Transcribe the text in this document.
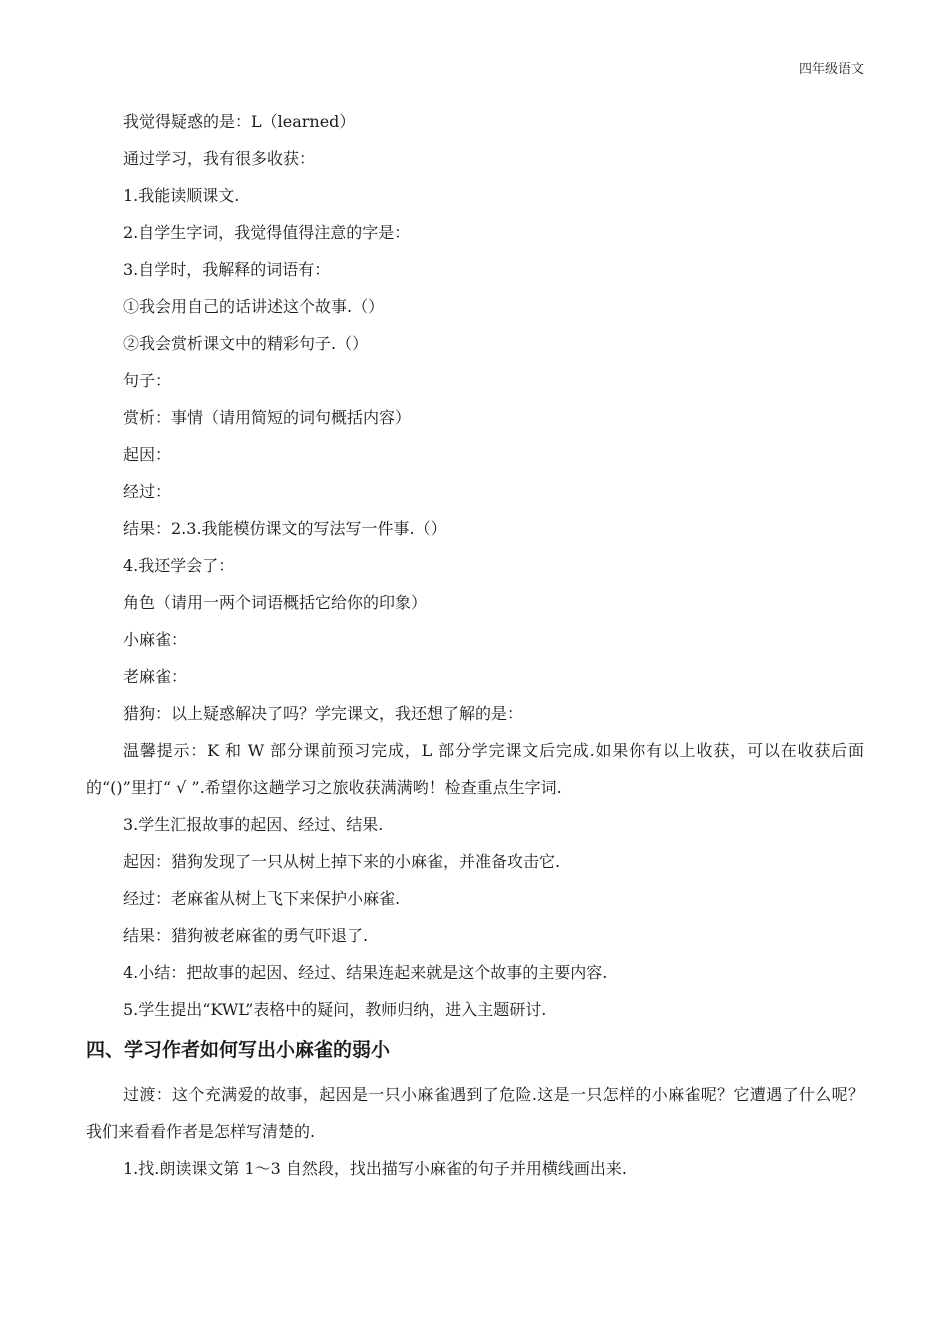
四年级语文

我觉得疑惑的是：L（learned）

通过学习，我有很多收获：

1.我能读顺课文.

2.自学生字词，我觉得值得注意的字是：

3.自学时，我解释的词语有：

①我会用自己的话讲述这个故事.（）

②我会赏析课文中的精彩句子.（）

句子：

赏析：事情（请用简短的词句概括内容）

起因：

经过：

结果：2.3.我能模仿课文的写法写一件事.（）

4.我还学会了：

角色（请用一两个词语概括它给你的印象）

小麻雀：

老麻雀：

猎狗：以上疑惑解决了吗？学完课文，我还想了解的是：

温馨提示：K 和 W 部分课前预习完成，L 部分学完课文后完成.如果你有以上收获，可以在收获后面的“()”里打“ √ ”.希望你这趟学习之旅收获满满哟！检查重点生字词.

3.学生汇报故事的起因、经过、结果.

起因：猎狗发现了一只从树上掉下来的小麻雀，并准备攻击它.

经过：老麻雀从树上飞下来保护小麻雀.

结果：猎狗被老麻雀的勇气吓退了.

4.小结：把故事的起因、经过、结果连起来就是这个故事的主要内容.

5.学生提出“KWL”表格中的疑问，教师归纳，进入主题研讨.

四、学习作者如何写出小麻雀的弱小

过渡：这个充满爱的故事，起因是一只小麻雀遇到了危险.这是一只怎样的小麻雀呢？它遭遇了什么呢？我们来看看作者是怎样写清楚的.

1.找.朗读课文第 1～3 自然段，找出描写小麻雀的句子并用横线画出来.
